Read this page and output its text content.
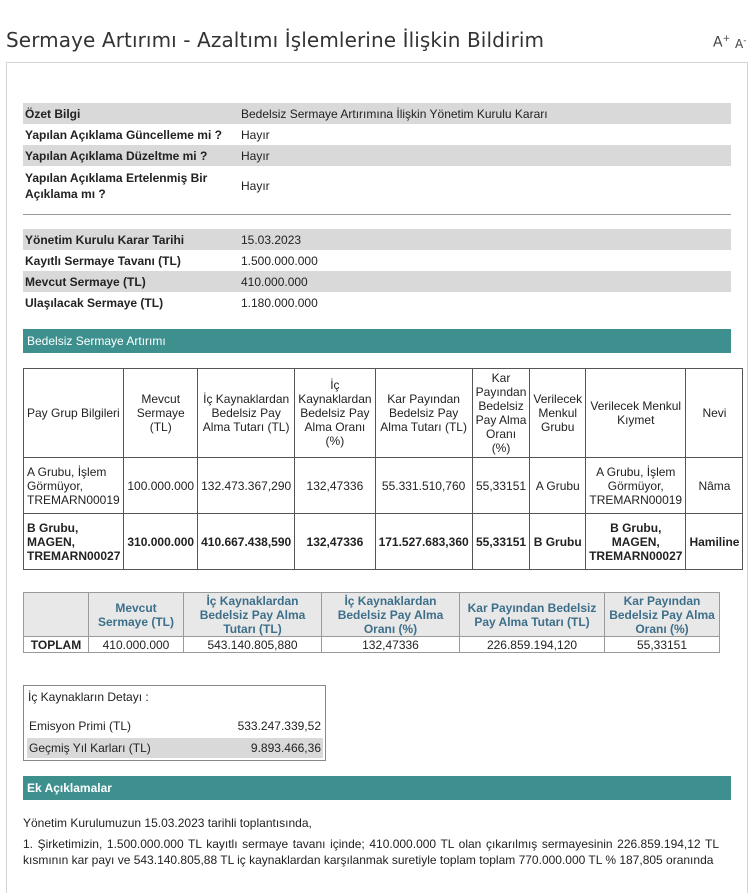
Sermaye Artırımı - Azaltımı İşlemlerine İlişkin Bildirim	A+ A-
Özet Bilgi	Bedelsiz Sermaye Artırımına İlişkin Yönetim Kurulu Kararı
Yapılan Açıklama Güncelleme mi ?	Hayır
Yapılan Açıklama Düzeltme mi ?	Hayır
Yapılan Açıklama Ertelenmiş Bir Açıklama mı ?	Hayır
Yönetim Kurulu Karar Tarihi	15.03.2023
Kayıtlı Sermaye Tavanı (TL)	1.500.000.000
Mevcut Sermaye (TL)	410.000.000
Ulaşılacak Sermaye (TL)	1.180.000.000
Bedelsiz Sermaye Artırımı
Pay Grup Bilgileri	Mevcut Sermaye (TL)	İç Kaynaklardan Bedelsiz Pay Alma Tutarı (TL)	İç Kaynaklardan Bedelsiz Pay Alma Oranı (%)	Kar Payından Bedelsiz Pay Alma Tutarı (TL)	Kar Payından Bedelsiz Pay Alma Oranı (%)	Verilecek Menkul Grubu	Verilecek Menkul Kıymet	Nevi
A Grubu, İşlem Görmüyor, TREMARN00019	100.000.000	132.473.367,290	132,47336	55.331.510,760	55,33151	A Grubu	A Grubu, İşlem Görmüyor, TREMARN00019	Nâma
B Grubu, MAGEN, TREMARN00027	310.000.000	410.667.438,590	132,47336	171.527.683,360	55,33151	B Grubu	B Grubu, MAGEN, TREMARN00027	Hamiline
	Mevcut Sermaye (TL)	İç Kaynaklardan Bedelsiz Pay Alma Tutarı (TL)	İç Kaynaklardan Bedelsiz Pay Alma Oranı (%)	Kar Payından Bedelsiz Pay Alma Tutarı (TL)	Kar Payından Bedelsiz Pay Alma Oranı (%)
TOPLAM	410.000.000	543.140.805,880	132,47336	226.859.194,120	55,33151
İç Kaynakların Detayı :
Emisyon Primi (TL)	533.247.339,52
Geçmiş Yıl Karları (TL)	9.893.466,36
Ek Açıklamalar
Yönetim Kurulumuzun 15.03.2023 tarihli toplantısında,
1. Şirketimizin, 1.500.000.000 TL kayıtlı sermaye tavanı içinde; 410.000.000 TL olan çıkarılmış sermayesinin 226.859.194,12 TL kısmının kar payı ve 543.140.805,88 TL iç kaynaklardan karşılanmak suretiyle toplam toplam 770.000.000 TL % 187,805 oranında
